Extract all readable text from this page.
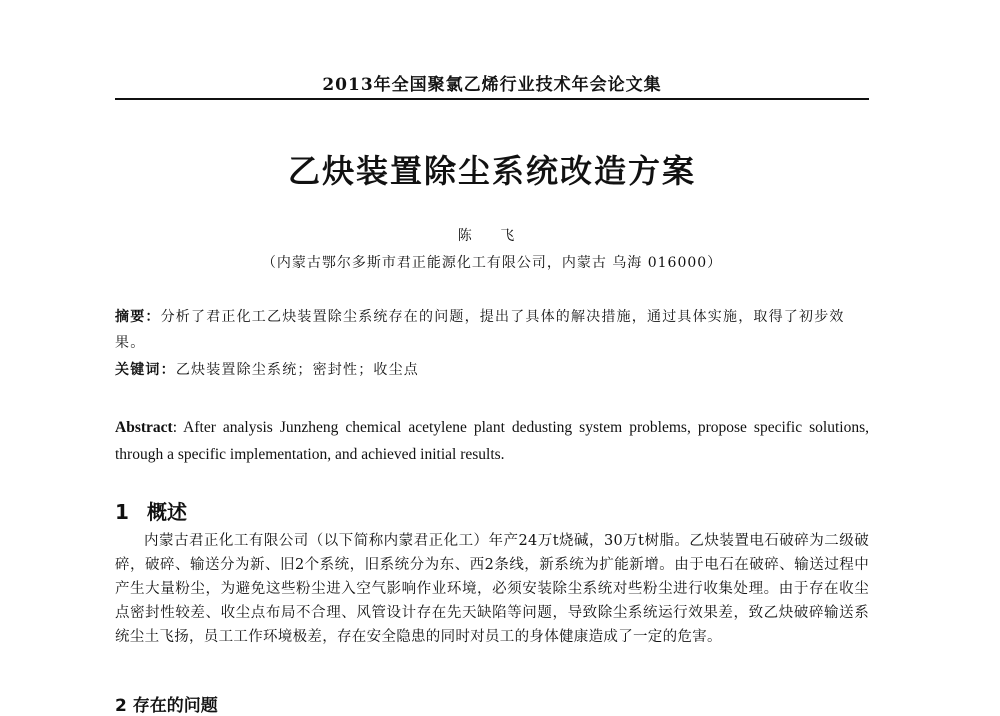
2013年全国聚氯乙烯行业技术年会论文集
乙炔装置除尘系统改造方案
陈 飞
（内蒙古鄂尔多斯市君正能源化工有限公司，内蒙古 乌海 016000）
摘要：分析了君正化工乙炔装置除尘系统存在的问题，提出了具体的解决措施，通过具体实施，取得了初步效果。
关键词：乙炔装置除尘系统；密封性；收尘点
Abstract: After analysis Junzheng chemical acetylene plant dedusting system problems, propose specific solutions, through a specific implementation, and achieved initial results.
1 概述
内蒙古君正化工有限公司（以下简称内蒙君正化工）年产24万t烧碱，30万t树脂。乙炔装置电石破碎为二级破碎，破碎、输送分为新、旧2个系统，旧系统分为东、西2条线，新系统为扩能新增。由于电石在破碎、输送过程中产生大量粉尘，为避免这些粉尘进入空气影响作业环境，必须安装除尘系统对些粉尘进行收集处理。由于存在收尘点密封性较差、收尘点布局不合理、风管设计存在先天缺陷等问题，导致除尘系统运行效果差，致乙炔破碎输送系统尘土飞扬，员工工作环境极差，存在安全隐患的同时对员工的身体健康造成了一定的危害。
2 存在的问题
